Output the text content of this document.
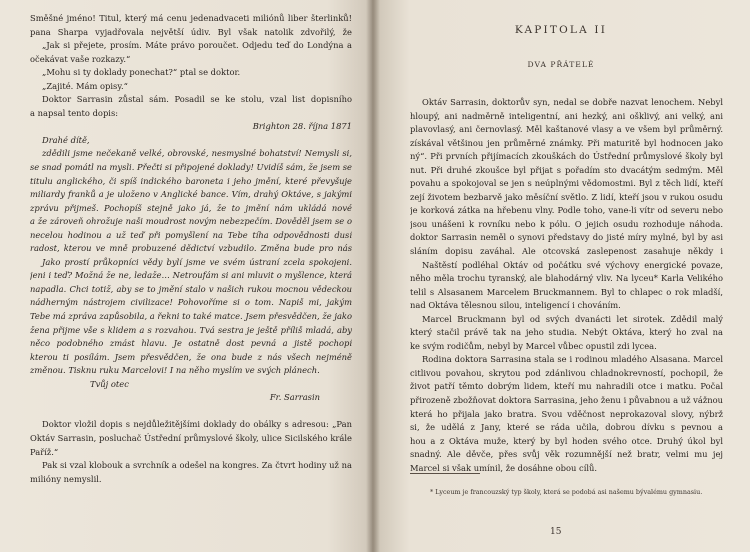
Směšné jméno! Titul, který má cenu jedenadvaceti miliónů liber šterlinků!
pana Sharpa vyjadřovala největší údiv. Byl však natolik zdvořilý, že
„Jak si přejete, prosím. Máte právo poroučet. Odjedu teď do Londýna a
očekávat vaše rozkazy.“
„Mohu si ty doklady ponechat?“ ptal se doktor.
„Zajité. Mám opisy.“
Doktor Sarrasin zůstal sám. Posadil se ke stolu, vzal list dopisního
a napsal tento dopis:
Brighton 28. října 1871
Drahé dítě,
zdědili jsme nečekaně velké, obrovské, nesmyslné bohatství! Nemysli si,
se snad pomátl na mysli. Přečti si připojené doklady! Uvidíš sám, že jsem se
titulu anglického, či spíš indického baroneta i jeho jmění, které převyšuje
miliardy franků a je uloženo v Anglické bance. Vím, drahý Oktáve, s jakými
zprávu přijmeš. Pochopíš stejně jako já, že to jmění nám ukládá nové
a že zároveň ohrožuje naši moudrost novým nebezpečím. Dověděl jsem se o
necelou hodinou a už teď při pomyšlení na Tebe tíha odpovědnosti dusí
radost, kterou ve mně probuzené dědictví vzbudilo. Změna bude pro nás
Jako prostí průkopníci vědy bylí jsme ve svém ústraní zcela spokojeni.
jeni i teď? Možná že ne, ledaže… Netroufám si ani mluvit o myšlence, která
napadla. Chci totiž, aby se to jmění stalo v našich rukou mocnou vědeckou
nádherným nástrojem civilizace! Pohovoříme si o tom. Napiš mi, jakým
Tebe má zpráva zapůsobila, a řekni to také matce. Jsem přesvědčen, že jako
žena přijme vše s klidem a s rozvahou. Tvá sestra je ještě příliš mladá, aby
něco podobného zmást hlavu. Je ostatně dost pevná a jistě pochopí
kterou ti posílám. Jsem přesvědčen, že ona bude z nás všech nejméně
změnou. Tisknu ruku Marcelovi! I na něho myslím ve svých plánech.
Tvůj otec
Fr. Sarrasin
Doktor vložil dopis s nejdůležitějšími doklady do obálky s adresou: „Pan
Oktáv Sarrasin, posluchač Ústřední průmyslové školy, ulice Sicilského krále
Paříž.“
Pak si vzal klobouk a svrchník a odešel na kongres. Za čtvrt hodiny už na
milióny nemyslil.
Oktáv Sarrasin, doktorův syn, nedal se dobře nazvat lenochem. Nebyl
hloupý, ani nadměrně inteligentní, ani hezký, ani ošklivý, ani velký, ani
plavovlasý, ani černovlasý. Měl kaštanové vlasy a ve všem byl průměrný.
získával většinou jen průměrné známky. Při maturitě byl hodnocen jako
ný“. Při prvních přijímacích zkouškách do Ústřední průmyslové školy byl
nut. Při druhé zkoušce byl přijat s pořadím sto dvacátým sedmým. Měl
povahu a spokojoval se jen s neúplnými vědomostmi. Byl z těch lidí, kteří
zejí životem bezbarvě jako měsíční světlo. Z lidí, kteří jsou v rukou osudu
je korková zátka na hřebenu vlny. Podle toho, vane-li vítr od severu nebo
jsou unášeni k rovníku nebo k pólu. O jejich osudu rozhoduje náhoda.
doktor Sarrasin neměl o synovi představy do jisté míry mylné, byl by asi
sláním dopisu zaváhal. Ale otcovská zaslepenost zasahuje někdy i
Naštěstí podléhal Oktáv od počátku své výchovy energické povaze,
něho měla trochu tyranský, ale blahodárný vliv. Na lyceu* Karla Velikého
telil s Alsasanem Marcelem Bruckmannem. Byl to chlapec o rok mladší,
nad Oktáva tělesnou silou, inteligencí i chováním.
Marcel Bruckmann byl od svých dvanácti let sirotek. Zdědil malý
který stačil právě tak na jeho studia. Nebýt Oktáva, který ho zval na
ke svým rodičům, nebyl by Marcel vůbec opustil zdi lycea.
Rodina doktora Sarrasina stala se i rodinou mladého Alsasana. Marcel
citlivou povahou, skrytou pod zdánlivou chladnokrevností, pochopil, že
život patří těmto dobrým lidem, kteří mu nahradili otce i matku. Počal
přirozeně zbožňovat doktora Sarrasina, jeho ženu i půvabnou a už vážnou
která ho přijala jako bratra. Svou vděčnost neprokazoval slovy, nýbrž
si, že udělá z Jany, které se ráda učila, dobrou dívku s pevnou a
hou a z Oktáva muže, který by byl hoden svého otce. Druhý úkol byl
snadný. Ale děvče, přes svůj věk rozumnější než bratr, velmi mu jej
Marcel si však umínil, že dosáhne obou cílů.
KAPITOLA II
DVA PŘÁTELÉ
* Lyceum je francouzský typ školy, která se podobá asi našemu bývalému gymnasiu.
15
